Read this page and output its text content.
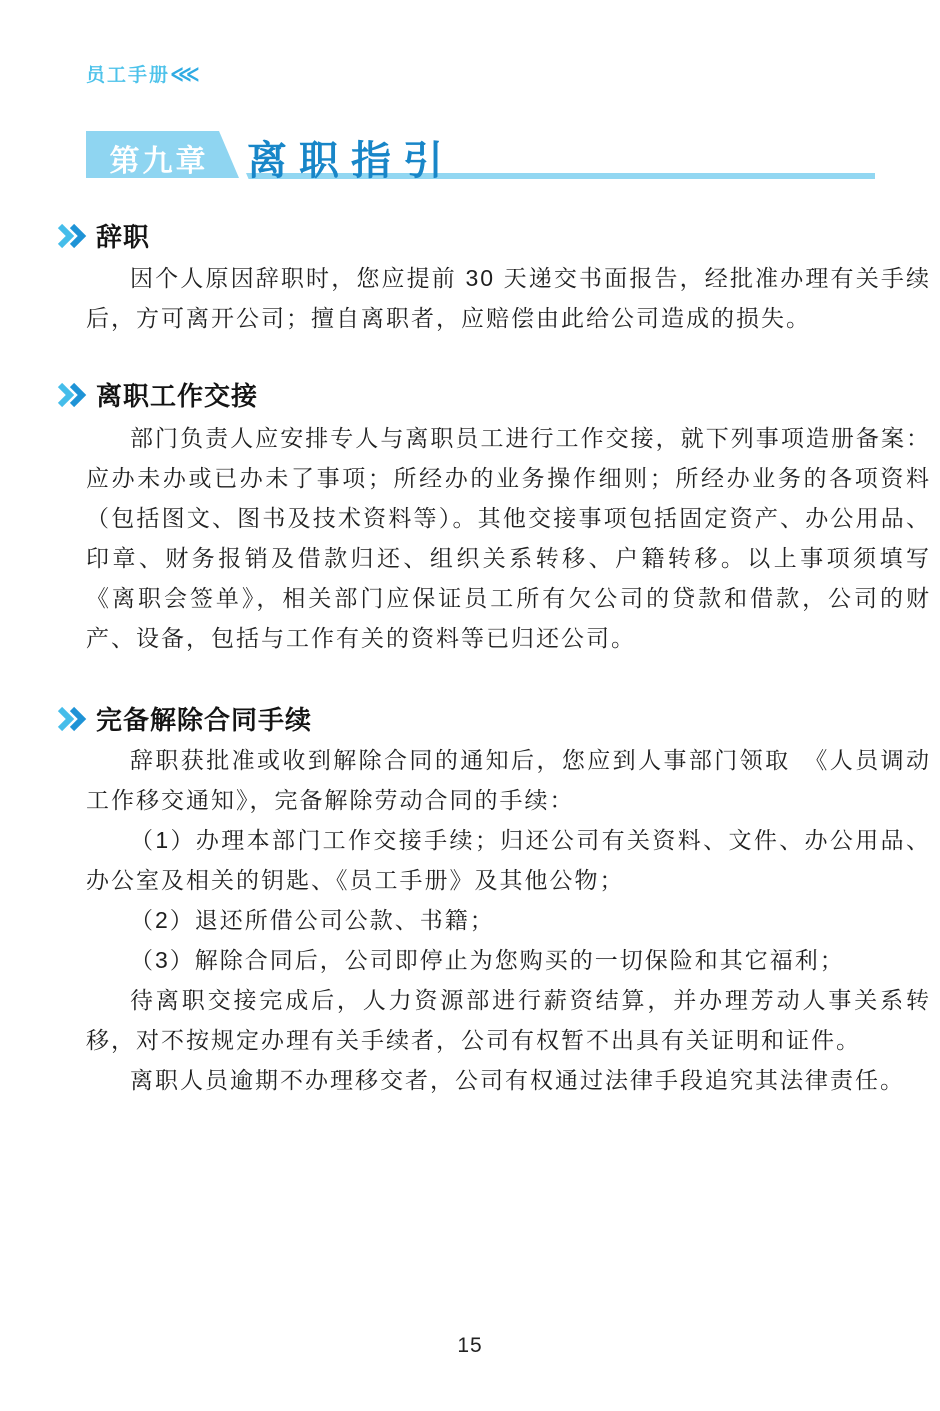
员工手册⋘
第九章 离职指引
辞职

因个人原因辞职时，您应提前 30 天递交书面报告，经批准办理有关手续后，方可离开公司；擅自离职者，应赔偿由此给公司造成的损失。

离职工作交接

部门负责人应安排专人与离职员工进行工作交接，就下列事项造册备案：应办未办或已办未了事项；所经办的业务操作细则；所经办业务的各项资料（包括图文、图书及技术资料等）。其他交接事项包括固定资产、办公用品、印章、财务报销及借款归还、组织关系转移、户籍转移。以上事项须填写 《离职会签单》，相关部门应保证员工所有欠公司的贷款和借款，公司的财产、设备，包括与工作有关的资料等已归还公司。

完备解除合同手续

辞职获批准或收到解除合同的通知后，您应到人事部门领取　《人员调动工作移交通知》，完备解除劳动合同的手续：

（1）办理本部门工作交接手续；归还公司有关资料、文件、办公用品、办公室及相关的钥匙、《员工手册》及其他公物；

（2）退还所借公司公款、书籍；

（3）解除合同后，公司即停止为您购买的一切保险和其它福利；

待离职交接完成后，人力资源部进行薪资结算，并办理芳动人事关系转移，对不按规定办理有关手续者，公司有权暂不出具有关证明和证件。

离职人员逾期不办理移交者，公司有权通过法律手段追究其法律责任。

15
